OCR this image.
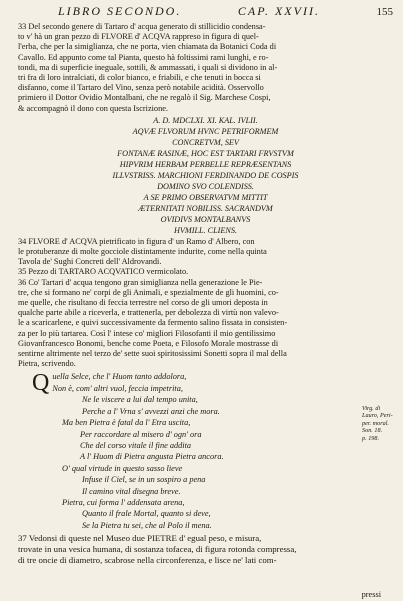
LIBRO SECONDO.	CAP. XXVII.	155
33 Del secondo genere di Tartaro d' acqua generato di stillicidio condensa-
to v' hà un gran pezzo di FLVORE d' ACQVA rappreso in figura di quel-
l'erba, che per la simiglianza, che ne porta, vien chiamata da Botanici Coda di
Cavallo. Ed appunto come tal Pianta, questo hà foltissimi rami lunghi, e ro-
tondi, ma di superficie ineguale, sottili, & ammassati, i quali si dividono in al-
tri fra di loro intralciati, di color bianco, e friabili, e che tenuti in bocca si
disfanno, come il Tartaro del Vino, senza però notabile acidità. Osservollo
primiero il Dottor Ovidio Montalbani, che ne regalò il Sig. Marchese Cospi,
& accompagnò il dono con questa Iscrizione.
A. D. MDCLXI. XI. KAL. IVLII.
AQVÆ FLVORUM HVNC PETRIFORMEM
CONCRETVM, SEV
FONTANÆ RASINÆ, HOC EST TARTARI FRVSTVM
HIPVRIM HERBAM PERBELLE REPRÆSENTANS
ILLVSTRISS. MARCHIONI FERDINANDO DE COSPIS
DOMINO SVO COLENDISS.
A SE PRIMO OBSERVATVM MITTIT
ÆTERNITATI NOBILISS. SACRANDVM
OVIDIVS MONTALBANVS
HVMILL. CLIENS.
34 FLVORE d' ACQVA pietrificato in figura d' un Ramo d' Albero, con
le protuberanze di molte gocciole distintamente indurite, come nella quinta
Tavola de' Sughi Concreti dell' Aldrovandi.
35 Pezzo di TARTARO ACQVATICO vermicolato.
36 Co' Tartari d' acqua tengono gran simiglianza nella generazione le Pie-
tre, che si formano ne' corpi de gli Animali, e spezialmente de gli huomini, co-
me quelle, che risultano di feccia terrestre nel corso de gli umori deposta in
qualche parte abile a riceverla, e trattenerla, per debolezza di virtù non valevo-
le a scaricarlene, e quivi successivamente da fermento salino fissata in consisten-
za per lo più tartarea. Così l' intese co' migliori Filosofanti il mio gentilissimo
Giovanfrancesco Bonomi, benche come Poeta, e Filosofo Morale mostrasse di
sentirne altrimente nel terzo de' sette suoi spiritosissimi Sonetti sopra il mal della
Pietra, scrivendo.
Q uella Selce, che l' Huom tanto addolora,
Non è, com' altri vuol, feccia impetrita,
Ne le viscere a lui dal tempo unita,
Perche a l' Vrna s' avvezzi anzi che mora.
Ma ben Pietra è fatal da l' Etra uscita,
Per raccordare al misero d' ogn' ora
Che del corso vitale il fine addita
A l' Huom di Pietra angusta Pietra ancora.
O' qual virtude in questo sasso lieve
Infuse il Ciel, se in un sospiro a pena
Il camino vital disegna breve.
Pietra, cui forma l' addensata arena,
Quanto il frale Mortal, quanto si deve,
Se la Pietra tu sei, che al Polo il mena.
37 Vedonsi di queste nel Museo due PIETRE d' egual peso, e misura,
trovate in una vesica humana, di sostanza tofacea, di figura rotonda compressa,
di tre oncie di diametro, scabrose nella circonferenza, e lisce ne' lati com-
Virg. di
Lauro, Peri-
per. moral.
Son. 18.
p. 198.
pressi
